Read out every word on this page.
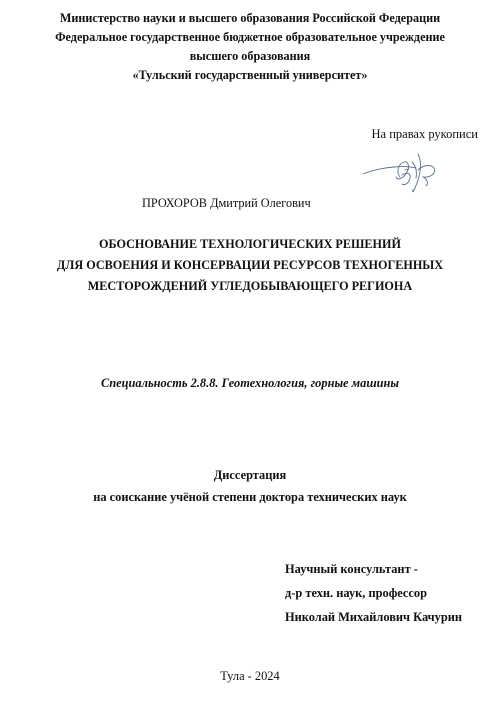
Министерство науки и высшего образования Российской Федерации
Федеральное государственное бюджетное образовательное учреждение
высшего образования
«Тульский государственный университет»
На правах рукописи
ПРОХОРОВ Дмитрий Олегович
ОБОСНОВАНИЕ ТЕХНОЛОГИЧЕСКИХ РЕШЕНИЙ
ДЛЯ ОСВОЕНИЯ И КОНСЕРВАЦИИ РЕСУРСОВ ТЕХНОГЕННЫХ
МЕСТОРОЖДЕНИЙ УГЛЕДОБЫВАЮЩЕГО РЕГИОНА
Специальность 2.8.8. Геотехнология, горные машины
Диссертация
на соискание учёной степени доктора технических наук
Научный консультант -
д-р техн. наук, профессор
Николай Михайлович Качурин
Тула - 2024
